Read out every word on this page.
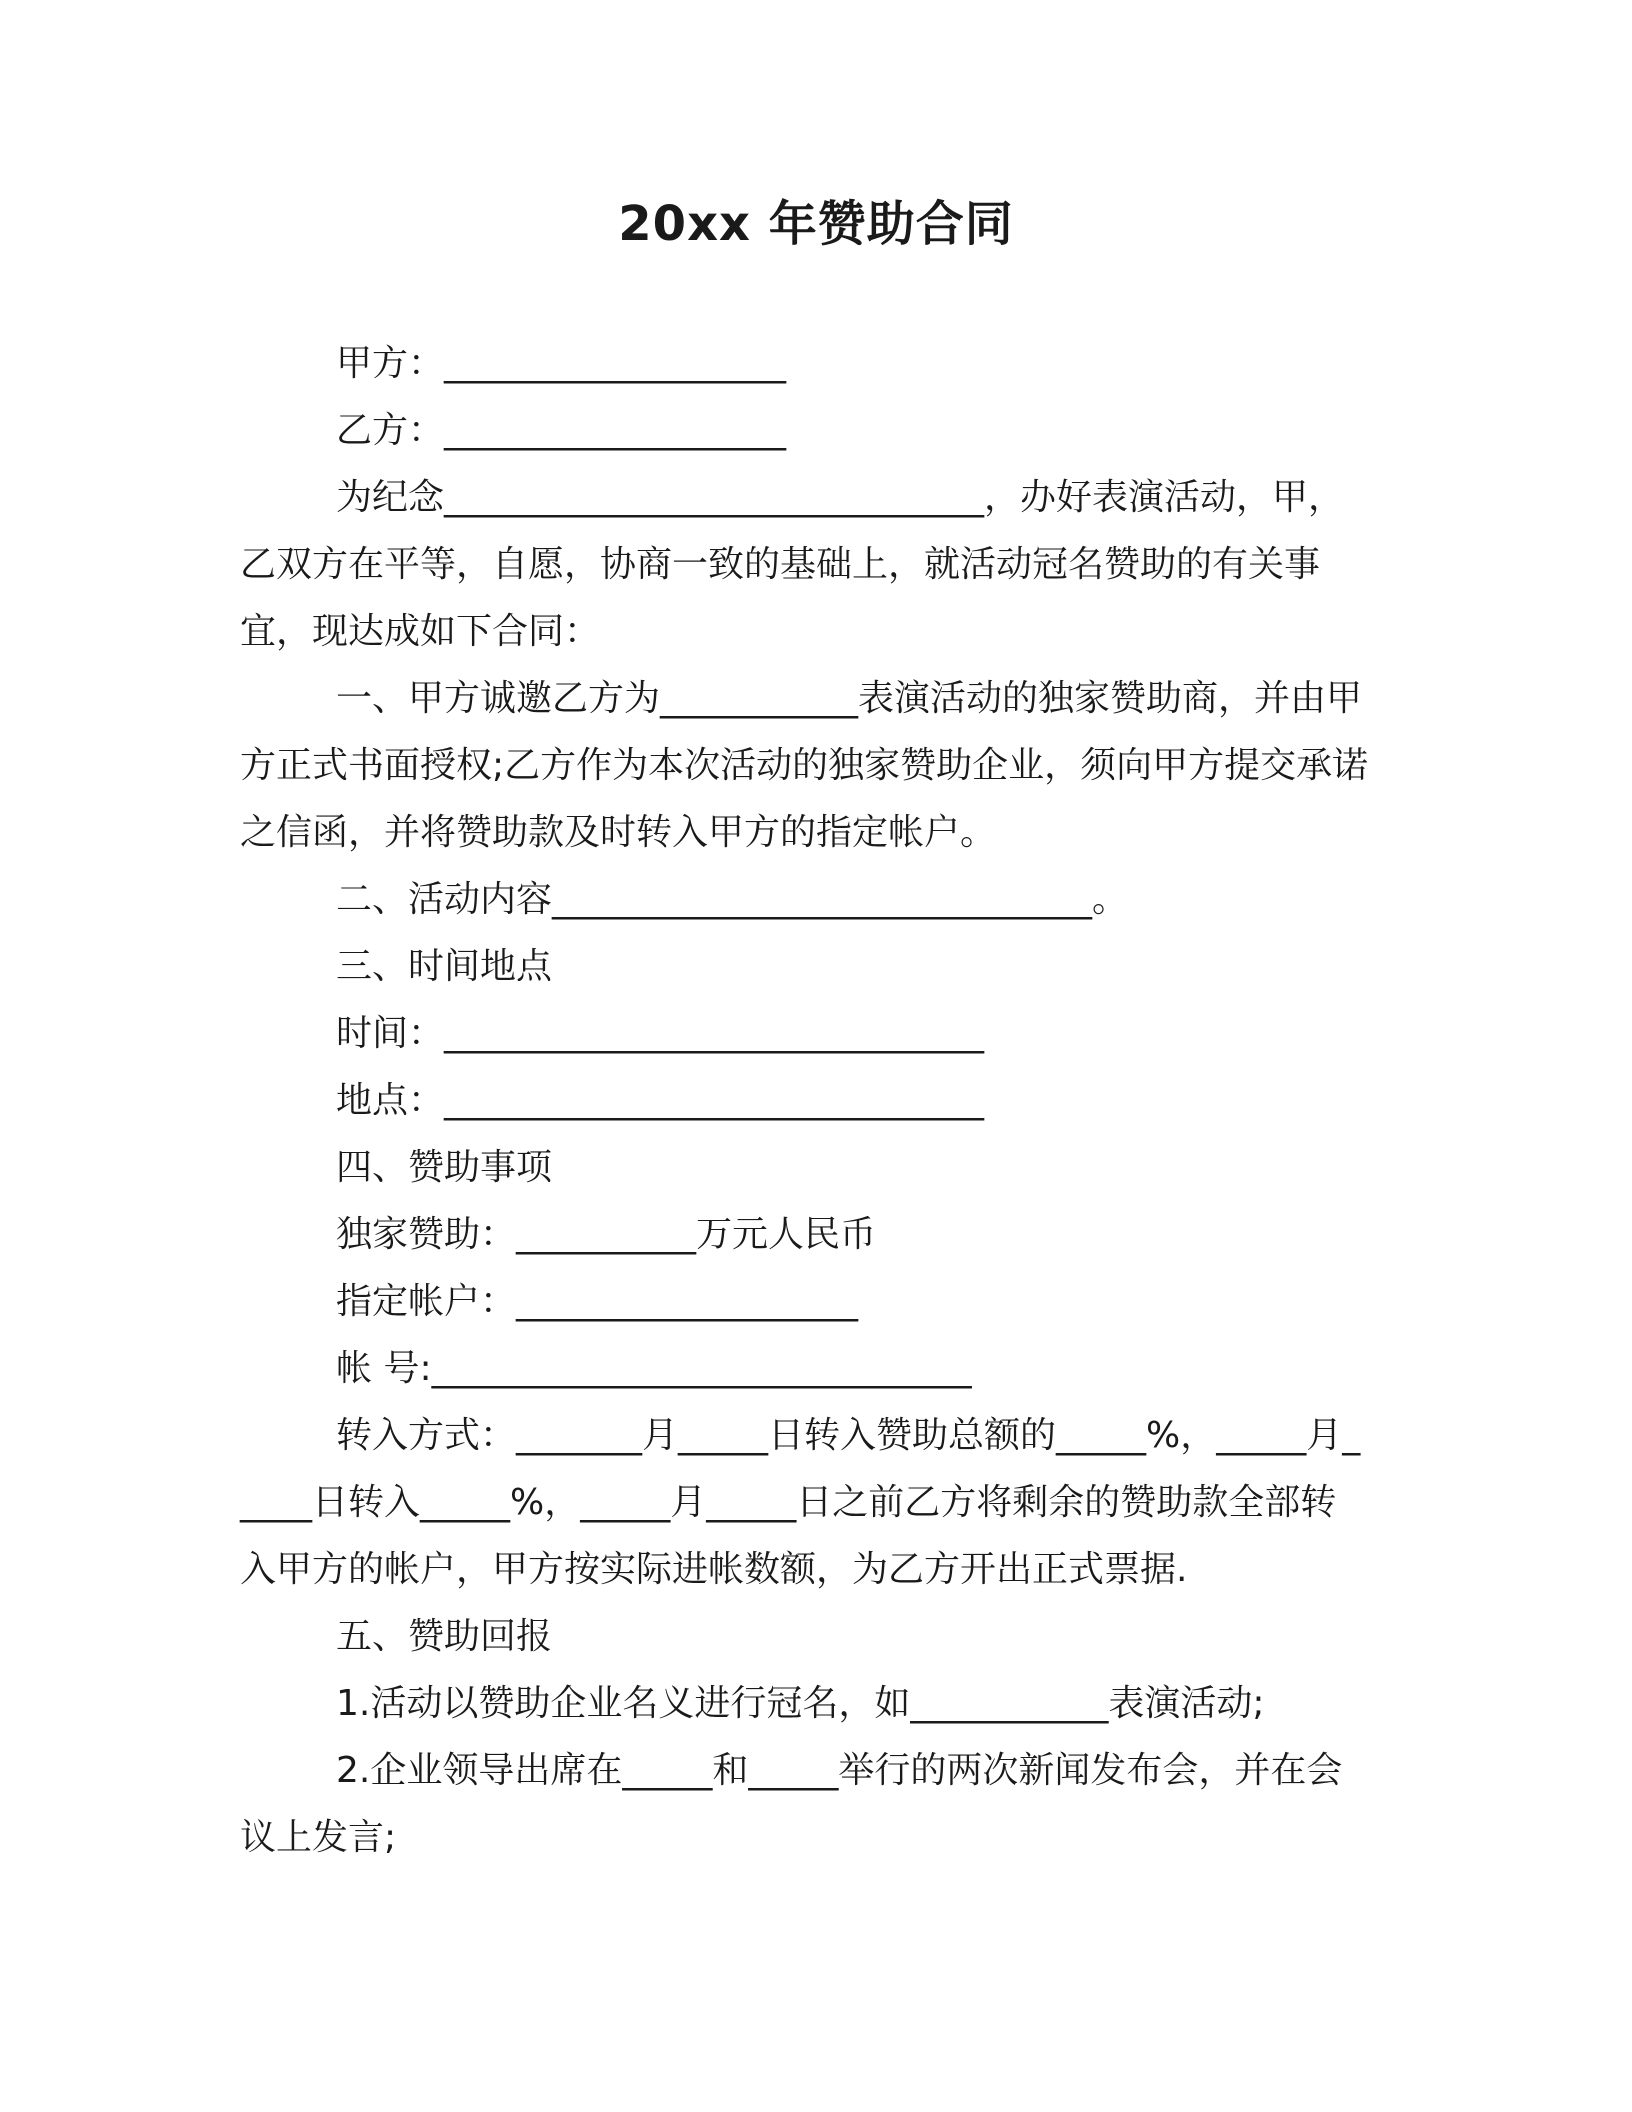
20xx 年赞助合同

甲方：___________________

乙方：___________________

为纪念______________________________，办好表演活动，甲，乙双方在平等，自愿，协商一致的基础上，就活动冠名赞助的有关事宜，现达成如下合同：

一、甲方诚邀乙方为___________表演活动的独家赞助商，并由甲方正式书面授权;乙方作为本次活动的独家赞助企业，须向甲方提交承诺之信函，并将赞助款及时转入甲方的指定帐户。

二、活动内容______________________________。

三、时间地点

时间：______________________________

地点：______________________________

四、赞助事项

独家赞助：__________万元人民币

指定帐户：___________________

帐 号:______________________________

转入方式：_______月_____日转入赞助总额的_____%，_____月_____日转入_____%，_____月_____日之前乙方将剩余的赞助款全部转入甲方的帐户，甲方按实际进帐数额，为乙方开出正式票据.

五、赞助回报

1.活动以赞助企业名义进行冠名，如___________表演活动;

2.企业领导出席在_____和_____举行的两次新闻发布会，并在会议上发言;
